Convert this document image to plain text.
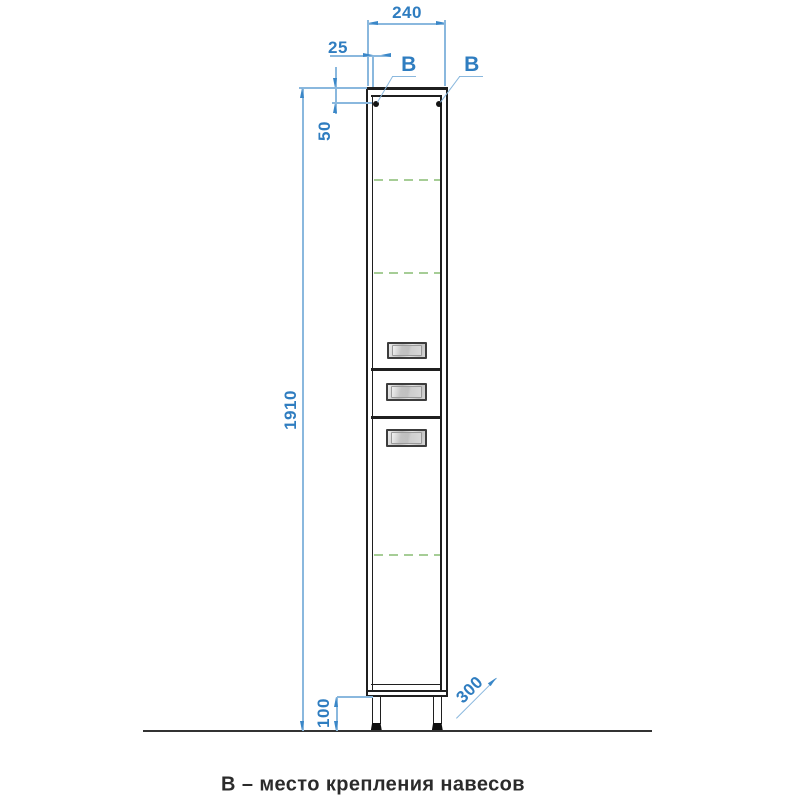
240
25
50
1910
100
300
B B
В – место крепления навесов
